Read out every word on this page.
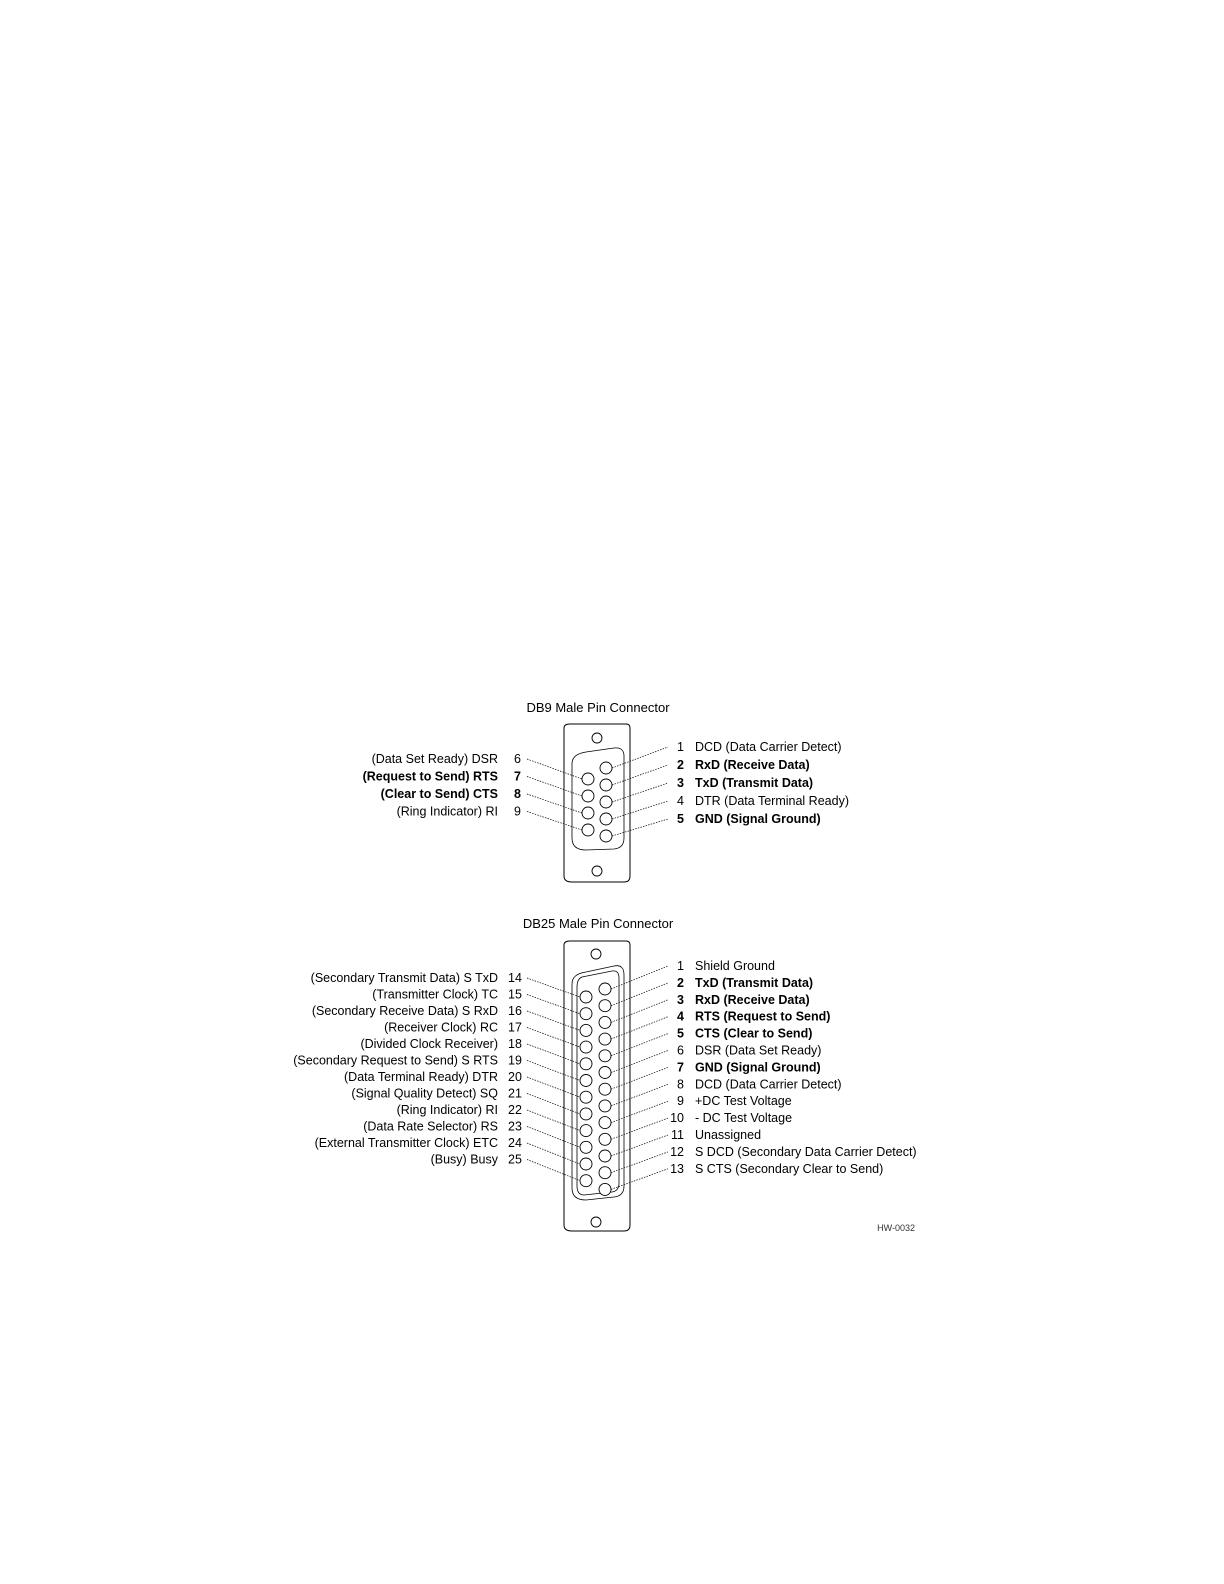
DB9 Male Pin Connector
1 DCD (Data Carrier Detect)
2 RxD (Receive Data)
3 TxD (Transmit Data)
4 DTR (Data Terminal Ready)
5 GND (Signal Ground)
6
(Data Set Ready) DSR
7
(Request to Send) RTS
8
(Clear to Send) CTS
9
(Ring Indicator) RI
DB25 Male Pin Connector
1 Shield Ground
2 TxD (Transmit Data)
3 RxD (Receive Data)
4 RTS (Request to Send)
5 CTS (Clear to Send)
6 DSR (Data Set Ready)
7 GND (Signal Ground)
8 DCD (Data Carrier Detect)
9 +DC Test Voltage
10 - DC Test Voltage
11 Unassigned
12 S DCD (Secondary Data Carrier Detect)
13 S CTS (Secondary Clear to Send)
14
(Secondary Transmit Data) S TxD
15
(Transmitter Clock) TC
16
(Secondary Receive Data) S RxD
17
(Receiver Clock) RC
18
(Divided Clock Receiver)
19
(Secondary Request to Send) S RTS
20
(Data Terminal Ready) DTR
21
(Signal Quality Detect) SQ
22
(Ring Indicator) RI
23
(Data Rate Selector) RS
24
(External Transmitter Clock) ETC
25
(Busy) Busy
HW-0032
